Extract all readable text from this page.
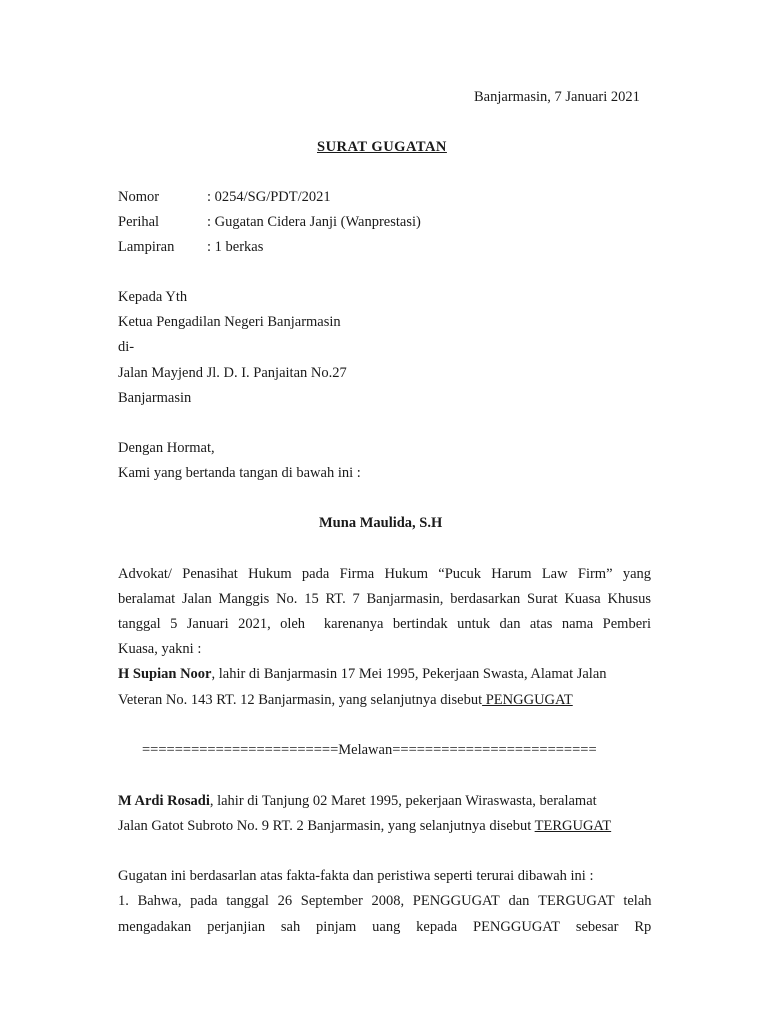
Banjarmasin, 7 Januari 2021
SURAT GUGATAN
Nomor	: 0254/SG/PDT/2021
Perihal	: Gugatan Cidera Janji (Wanprestasi)
Lampiran : 1 berkas
Kepada Yth
Ketua Pengadilan Negeri Banjarmasin
di-
Jalan Mayjend Jl. D. I. Panjaitan No.27
Banjarmasin
Dengan Hormat,
Kami yang bertanda tangan di bawah ini :
Muna Maulida, S.H
Advokat/ Penasihat Hukum pada Firma Hukum “Pucuk Harum Law Firm” yang
beralamat Jalan Manggis No. 15 RT. 7 Banjarmasin, berdasarkan Surat Kuasa Khusus
tanggal 5 Januari 2021, oleh karenanya bertindak untuk dan atas nama Pemberi
Kuasa, yakni :
H Supian Noor, lahir di Banjarmasin 17 Mei 1995, Pekerjaan Swasta, Alamat Jalan
Veteran No. 143 RT. 12 Banjarmasin, yang selanjutnya disebut PENGGUGAT
========================Melawan=========================
M Ardi Rosadi, lahir di Tanjung 02 Maret 1995, pekerjaan Wiraswasta, beralamat
Jalan Gatot Subroto No. 9 RT. 2 Banjarmasin, yang selanjutnya disebut TERGUGAT
Gugatan ini berdasarlan atas fakta-fakta dan peristiwa seperti terurai dibawah ini :
1. Bahwa, pada tanggal 26 September 2008, PENGGUGAT dan TERGUGAT telah
mengadakan perjanjian sah pinjam uang kepada PENGGUGAT sebesar Rp
